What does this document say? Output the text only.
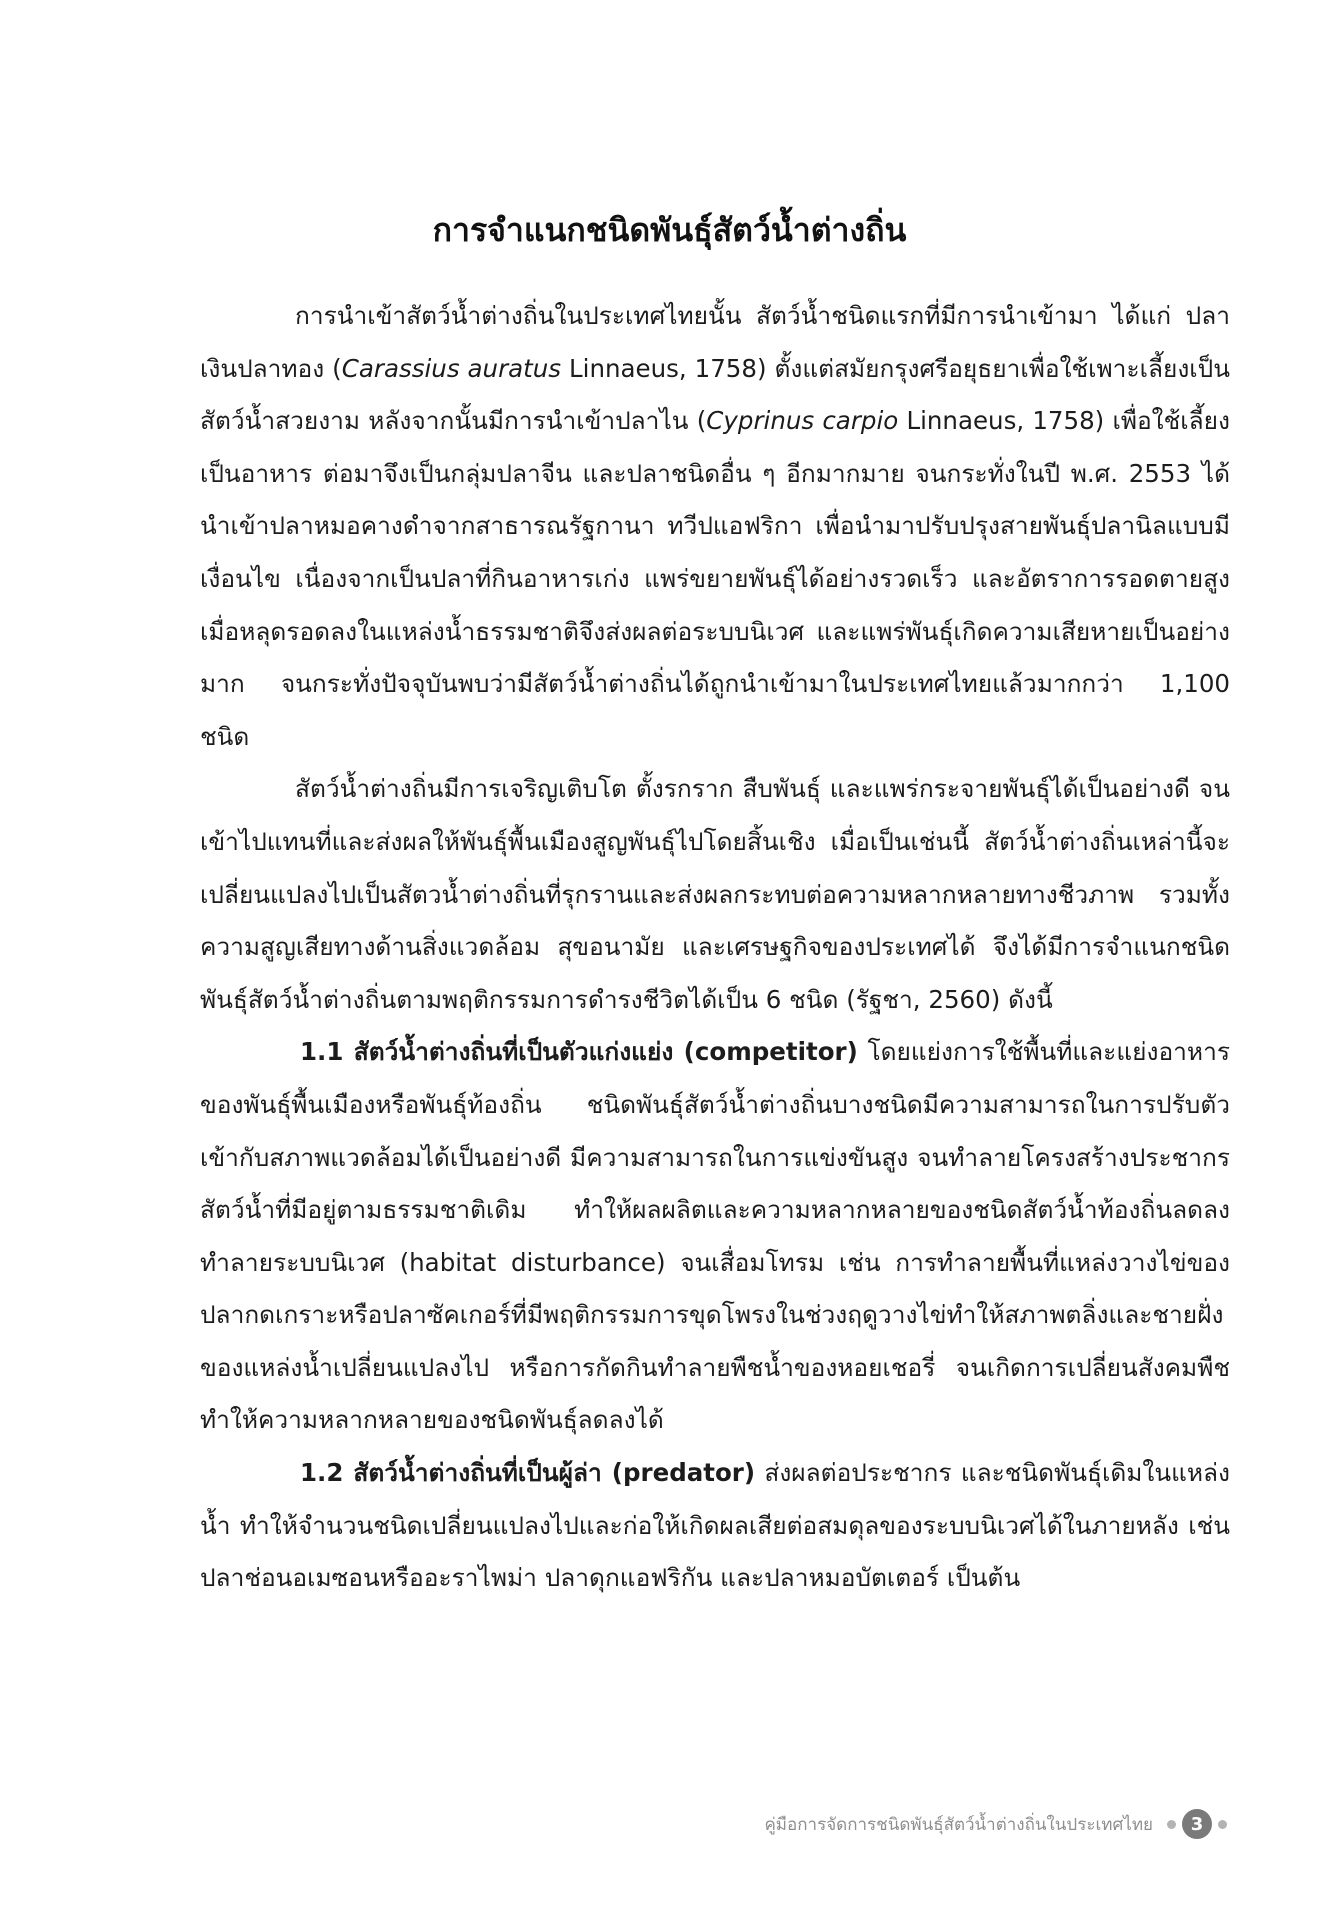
การจำแนกชนิดพันธุ์สัตว์น้ำต่างถิ่น

การนำเข้าสัตว์น้ำต่างถิ่นในประเทศไทยนั้น สัตว์น้ำชนิดแรกที่มีการนำเข้ามา ได้แก่ ปลาเงินปลาทอง (Carassius auratus Linnaeus, 1758) ตั้งแต่สมัยกรุงศรีอยุธยาเพื่อใช้เพาะเลี้ยงเป็นสัตว์น้ำสวยงาม หลังจากนั้นมีการนำเข้าปลาไน (Cyprinus carpio Linnaeus, 1758) เพื่อใช้เลี้ยงเป็นอาหาร ต่อมาจึงเป็นกลุ่มปลาจีน และปลาชนิดอื่น ๆ อีกมากมาย จนกระทั่งในปี พ.ศ. 2553 ได้นำเข้าปลาหมอคางดำจากสาธารณรัฐกานา ทวีปแอฟริกา เพื่อนำมาปรับปรุงสายพันธุ์ปลานิลแบบมีเงื่อนไข เนื่องจากเป็นปลาที่กินอาหารเก่ง แพร่ขยายพันธุ์ได้อย่างรวดเร็ว และอัตราการรอดตายสูง เมื่อหลุดรอดลงในแหล่งน้ำธรรมชาติจึงส่งผลต่อระบบนิเวศ และแพร่พันธุ์เกิดความเสียหายเป็นอย่างมาก จนกระทั่งปัจจุบันพบว่ามีสัตว์น้ำต่างถิ่นได้ถูกนำเข้ามาในประเทศไทยแล้วมากกว่า 1,100 ชนิด

สัตว์น้ำต่างถิ่นมีการเจริญเติบโต ตั้งรกราก สืบพันธุ์ และแพร่กระจายพันธุ์ได้เป็นอย่างดี จนเข้าไปแทนที่และส่งผลให้พันธุ์พื้นเมืองสูญพันธุ์ไปโดยสิ้นเชิง เมื่อเป็นเช่นนี้ สัตว์น้ำต่างถิ่นเหล่านี้จะเปลี่ยนแปลงไปเป็นสัตวน้ำต่างถิ่นที่รุกรานและส่งผลกระทบต่อความหลากหลายทางชีวภาพ รวมทั้งความสูญเสียทางด้านสิ่งแวดล้อม สุขอนามัย และเศรษฐกิจของประเทศได้ จึงได้มีการจำแนกชนิดพันธุ์สัตว์น้ำต่างถิ่นตามพฤติกรรมการดำรงชีวิตได้เป็น 6 ชนิด (รัฐชา, 2560) ดังนี้

1.1 สัตว์น้ำต่างถิ่นที่เป็นตัวแก่งแย่ง (competitor) โดยแย่งการใช้พื้นที่และแย่งอาหารของพันธุ์พื้นเมืองหรือพันธุ์ท้องถิ่น ชนิดพันธุ์สัตว์น้ำต่างถิ่นบางชนิดมีความสามารถในการปรับตัวเข้ากับสภาพแวดล้อมได้เป็นอย่างดี มีความสามารถในการแข่งขันสูง จนทำลายโครงสร้างประชากรสัตว์น้ำที่มีอยู่ตามธรรมชาติเดิม ทำให้ผลผลิตและความหลากหลายของชนิดสัตว์น้ำท้องถิ่นลดลง ทำลายระบบนิเวศ (habitat disturbance) จนเสื่อมโทรม เช่น การทำลายพื้นที่แหล่งวางไข่ของปลากดเกราะหรือปลาซัคเกอร์ที่มีพฤติกรรมการขุดโพรงในช่วงฤดูวางไข่ทำให้สภาพตลิ่งและชายฝั่งของแหล่งน้ำเปลี่ยนแปลงไป หรือการกัดกินทำลายพืชน้ำของหอยเชอรี่ จนเกิดการเปลี่ยนสังคมพืช ทำให้ความหลากหลายของชนิดพันธุ์ลดลงได้

1.2 สัตว์น้ำต่างถิ่นที่เป็นผู้ล่า (predator) ส่งผลต่อประชากร และชนิดพันธุ์เดิมในแหล่งน้ำ ทำให้จำนวนชนิดเปลี่ยนแปลงไปและก่อให้เกิดผลเสียต่อสมดุลของระบบนิเวศได้ในภายหลัง เช่น ปลาช่อนอเมซอนหรืออะราไพม่า ปลาดุกแอฟริกัน และปลาหมอบัตเตอร์ เป็นต้น

คู่มือการจัดการชนิดพันธุ์สัตว์น้ำต่างถิ่นในประเทศไทย	3
